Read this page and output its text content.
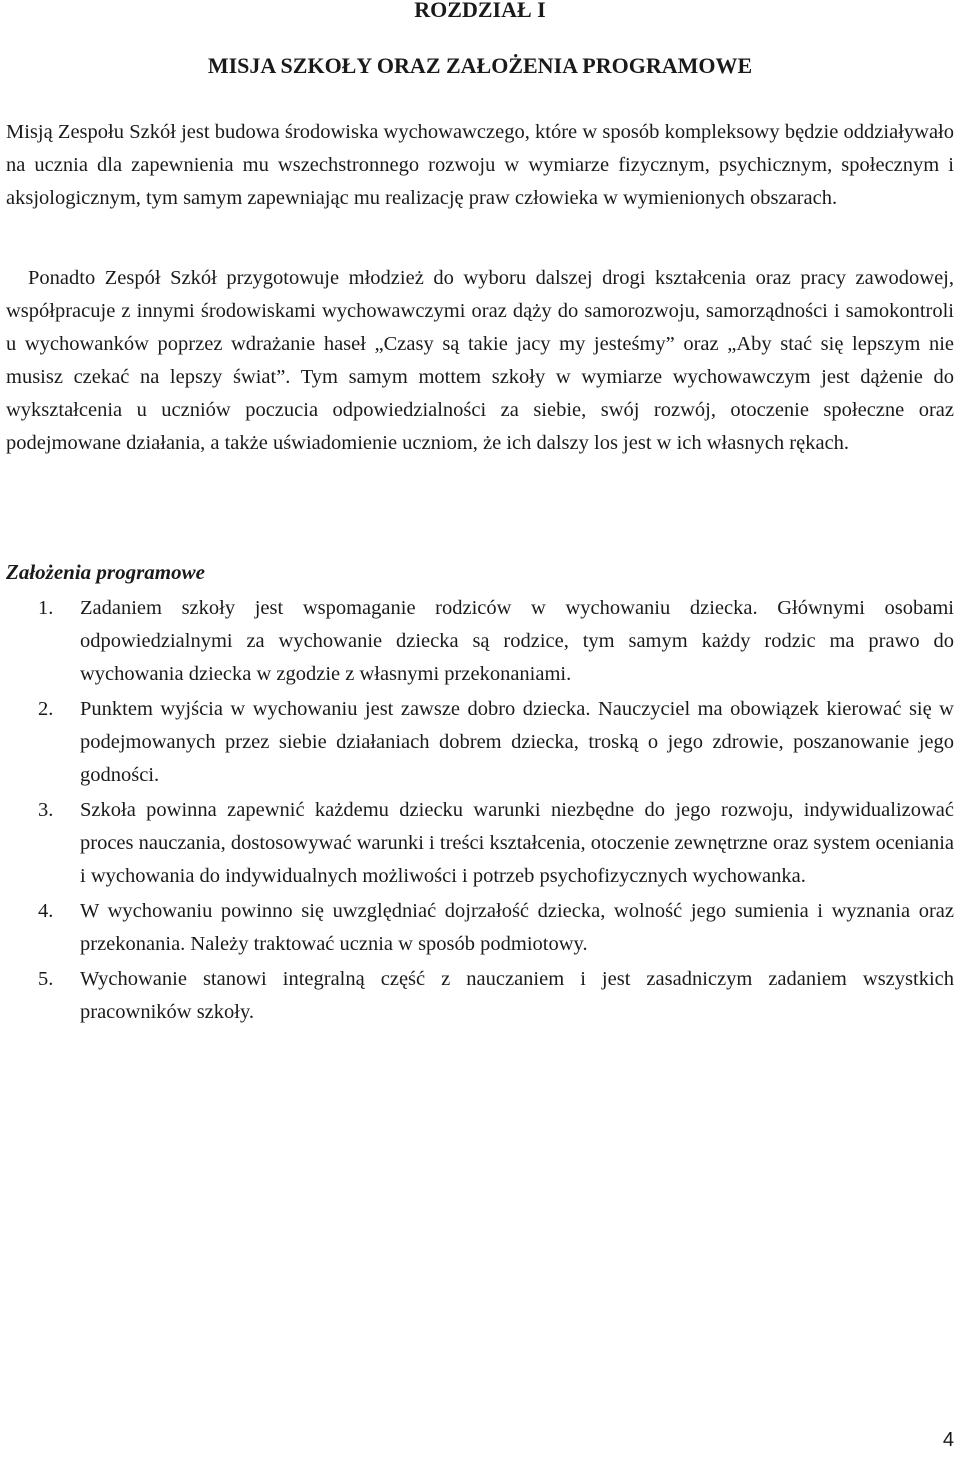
ROZDZIAŁ I
MISJA SZKOŁY ORAZ ZAŁOŻENIA PROGRAMOWE

Misją Zespołu Szkół jest budowa środowiska wychowawczego, które w sposób kompleksowy będzie oddziaływało na ucznia dla zapewnienia mu wszechstronnego rozwoju w wymiarze fizycznym, psychicznym, społecznym i aksjologicznym, tym samym zapewniając mu realizację praw człowieka w wymienionych obszarach.

Ponadto Zespół Szkół przygotowuje młodzież do wyboru dalszej drogi kształcenia oraz pracy zawodowej, współpracuje z innymi środowiskami wychowawczymi oraz dąży do samorozwoju, samorządności i samokontroli u wychowanków poprzez wdrażanie haseł „Czasy są takie jacy my jesteśmy” oraz „Aby stać się lepszym nie musisz czekać na lepszy świat”. Tym samym mottem szkoły w wymiarze wychowawczym jest dążenie do wykształcenia u uczniów poczucia odpowiedzialności za siebie, swój rozwój, otoczenie społeczne oraz podejmowane działania, a także uświadomienie uczniom, że ich dalszy los jest w ich własnych rękach.

Założenia programowe
1. Zadaniem szkoły jest wspomaganie rodziców w wychowaniu dziecka. Głównymi osobami odpowiedzialnymi za wychowanie dziecka są rodzice, tym samym każdy rodzic ma prawo do wychowania dziecka w zgodzie z własnymi przekonaniami.
2. Punktem wyjścia w wychowaniu jest zawsze dobro dziecka. Nauczyciel ma obowiązek kierować się w podejmowanych przez siebie działaniach dobrem dziecka, troską o jego zdrowie, poszanowanie jego godności.
3. Szkoła powinna zapewnić każdemu dziecku warunki niezbędne do jego rozwoju, indywidualizować proces nauczania, dostosowywać warunki i treści kształcenia, otoczenie zewnętrzne oraz system oceniania i wychowania do indywidualnych możliwości i potrzeb psychofizycznych wychowanka.
4. W wychowaniu powinno się uwzględniać dojrzałość dziecka, wolność jego sumienia i wyznania oraz przekonania. Należy traktować ucznia w sposób podmiotowy.
5. Wychowanie stanowi integralną część z nauczaniem i jest zasadniczym zadaniem wszystkich pracowników szkoły.
4
